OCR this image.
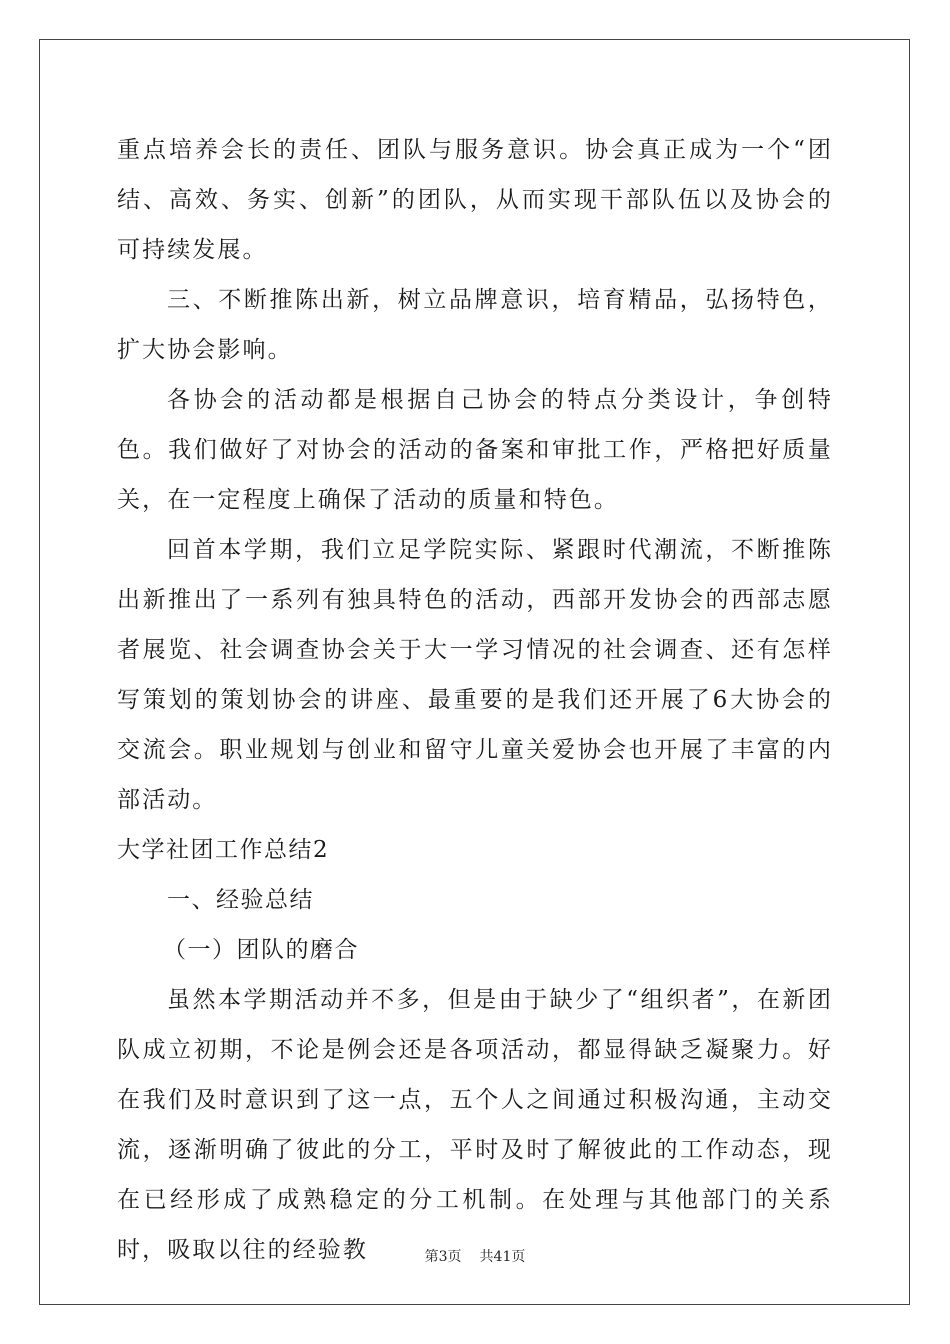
重点培养会长的责任、团队与服务意识。协会真正成为一个“团结、高效、务实、创新”的团队，从而实现干部队伍以及协会的可持续发展。

三、不断推陈出新，树立品牌意识，培育精品，弘扬特色，扩大协会影响。

各协会的活动都是根据自己协会的特点分类设计，争创特色。我们做好了对协会的活动的备案和审批工作，严格把好质量关，在一定程度上确保了活动的质量和特色。

回首本学期，我们立足学院实际、紧跟时代潮流，不断推陈出新推出了一系列有独具特色的活动，西部开发协会的西部志愿者展览、社会调查协会关于大一学习情况的社会调查、还有怎样写策划的策划协会的讲座、最重要的是我们还开展了6大协会的交流会。职业规划与创业和留守儿童关爱协会也开展了丰富的内部活动。

大学社团工作总结2

一、经验总结

（一）团队的磨合

虽然本学期活动并不多，但是由于缺少了“组织者”，在新团队成立初期，不论是例会还是各项活动，都显得缺乏凝聚力。好在我们及时意识到了这一点，五个人之间通过积极沟通，主动交流，逐渐明确了彼此的分工，平时及时了解彼此的工作动态，现在已经形成了成熟稳定的分工机制。在处理与其他部门的关系时，吸取以往的经验教	第3页 共41页
